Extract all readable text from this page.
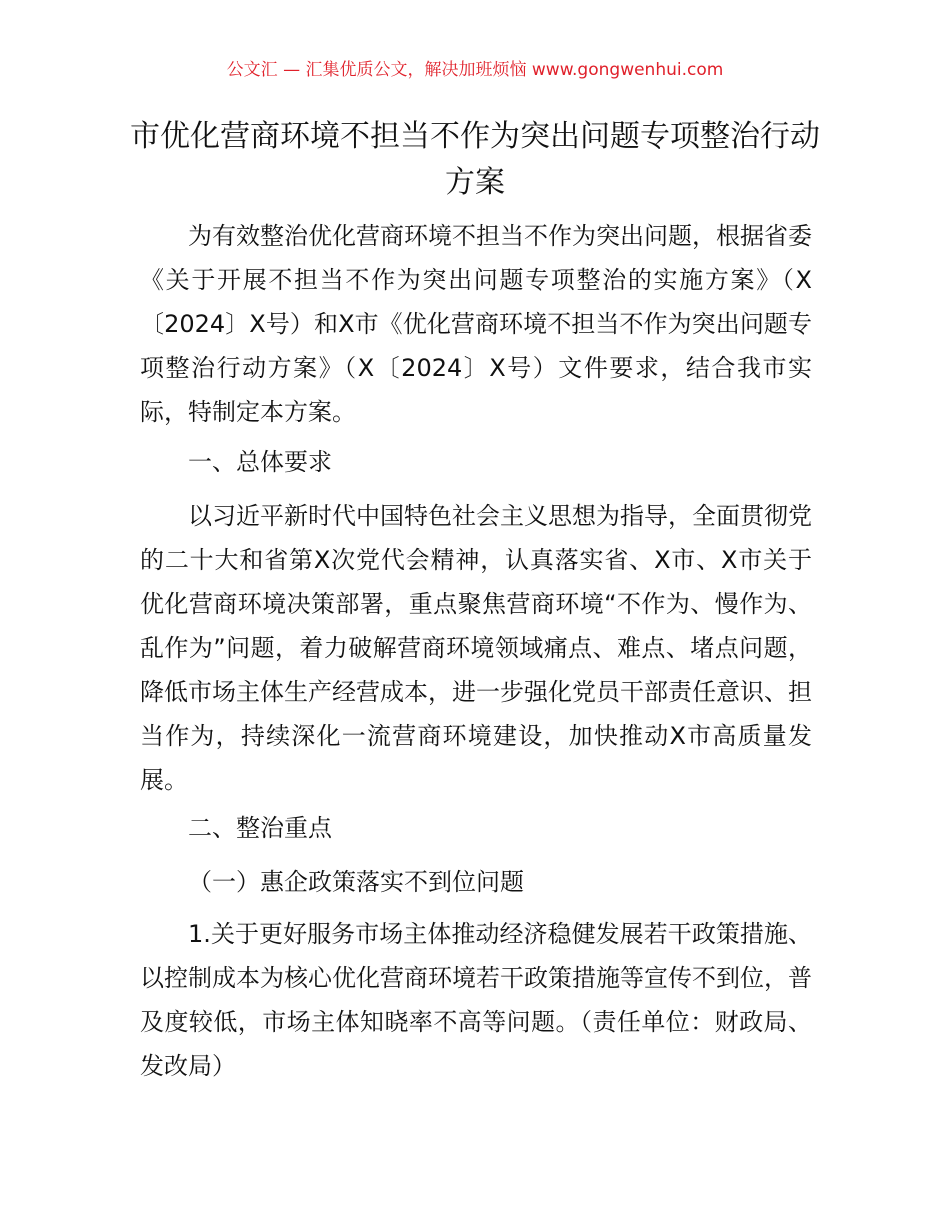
公文汇 — 汇集优质公文，解决加班烦恼 www.gongwenhui.com
市优化营商环境不担当不作为突出问题专项整治行动方案

为有效整治优化营商环境不担当不作为突出问题，根据省委《关于开展不担当不作为突出问题专项整治的实施方案》（X〔2024〕X号）和X市《优化营商环境不担当不作为突出问题专项整治行动方案》（X〔2024〕X号）文件要求，结合我市实际，特制定本方案。

一、总体要求

以习近平新时代中国特色社会主义思想为指导，全面贯彻党的二十大和省第X次党代会精神，认真落实省、X市、X市关于优化营商环境决策部署，重点聚焦营商环境“不作为、慢作为、乱作为”问题，着力破解营商环境领域痛点、难点、堵点问题，降低市场主体生产经营成本，进一步强化党员干部责任意识、担当作为，持续深化一流营商环境建设，加快推动X市高质量发展。

二、整治重点

（一）惠企政策落实不到位问题

1.关于更好服务市场主体推动经济稳健发展若干政策措施、以控制成本为核心优化营商环境若干政策措施等宣传不到位，普及度较低，市场主体知晓率不高等问题。（责任单位：财政局、发改局）
